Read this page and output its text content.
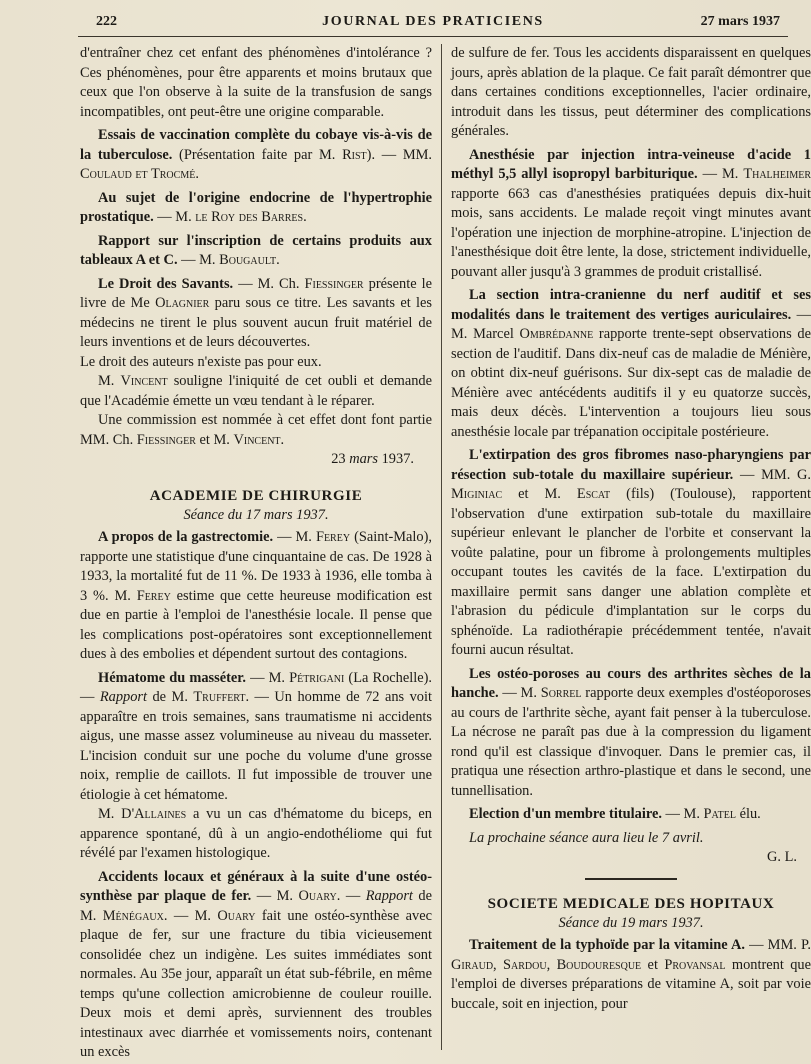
222	JOURNAL DES PRATICIENS	27 mars 1937

d'entraîner chez cet enfant des phénomènes d'intolérance ? Ces phénomènes, pour être apparents et moins brutaux que ceux que l'on observe à la suite de la transfusion de sangs incompatibles, ont peut-être une origine comparable.

Essais de vaccination complète du cobaye vis-à-vis de la tuberculose. (Présentation faite par M. Rist). — MM. Coulaud et Trocmé.

Au sujet de l'origine endocrine de l'hypertrophie prostatique. — M. le Roy des Barres.

Rapport sur l'inscription de certains produits aux tableaux A et C. — M. Bougault.

Le Droit des Savants. — M. Ch. Fiessinger présente le livre de Me Olagnier paru sous ce titre. Les savants et les médecins ne tirent le plus souvent aucun fruit matériel de leurs inventions et de leurs découvertes.

Le droit des auteurs n'existe pas pour eux.

M. Vincent souligne l'iniquité de cet oubli et demande que l'Académie émette un vœu tendant à le réparer.

Une commission est nommée à cet effet dont font partie MM. Ch. Fiessinger et M. Vincent.

23 mars 1937.

ACADEMIE DE CHIRURGIE
Séance du 17 mars 1937.

A propos de la gastrectomie. — M. Ferey (Saint-Malo), rapporte une statistique d'une cinquantaine de cas. De 1928 à 1933, la mortalité fut de 11 %. De 1933 à 1936, elle tomba à 3 %. M. Ferey estime que cette heureuse modification est due en partie à l'emploi de l'anesthésie locale. Il pense que les complications post-opératoires sont exceptionnellement dues à des embolies et dépendent surtout des contagions.

Hématome du masséter. — M. Pétrigani (La Rochelle). — Rapport de M. Truffert. — Un homme de 72 ans voit apparaître en trois semaines, sans traumatisme ni accidents aigus, une masse assez volumineuse au niveau du masseter. L'incision conduit sur une poche du volume d'une grosse noix, remplie de caillots. Il fut impossible de trouver une étiologie à cet hématome.

M. D'Allaines a vu un cas d'hématome du biceps, en apparence spontané, dû à un angio-endothéliome qui fut révélé par l'examen histologique.

Accidents locaux et généraux à la suite d'une ostéo-synthèse par plaque de fer. — M. Ouary. — Rapport de M. Ménégaux. — M. Ouary fait une ostéo-synthèse avec plaque de fer, sur une fracture du tibia vicieusement consolidée chez un indigène. Les suites immédiates sont normales. Au 35e jour, apparaît un état sub-fébrile, en même temps qu'une collection amicrobienne de couleur rouille. Deux mois et demi après, surviennent des troubles intestinaux avec diarrhée et vomissements noirs, contenant un excès

de sulfure de fer. Tous les accidents disparaissent en quelques jours, après ablation de la plaque. Ce fait paraît démontrer que dans certaines conditions exceptionnelles, l'acier ordinaire, introduit dans les tissus, peut déterminer des complications générales.

Anesthésie par injection intra-veineuse d'acide 1 méthyl 5,5 allyl isopropyl barbiturique. — M. Thalheimer rapporte 663 cas d'anesthésies pratiquées depuis dix-huit mois, sans accidents. Le malade reçoit vingt minutes avant l'opération une injection de morphine-atropine. L'injection de l'anesthésique doit être lente, la dose, strictement individuelle, pouvant aller jusqu'à 3 grammes de produit cristallisé.

La section intra-cranienne du nerf auditif et ses modalités dans le traitement des vertiges auriculaires. — M. Marcel Ombrédanne rapporte trente-sept observations de section de l'auditif. Dans dix-neuf cas de maladie de Ménière, on obtint dix-neuf guérisons. Sur dix-sept cas de maladie de Ménière avec antécédents auditifs il y eu quatorze succès, mais deux décès. L'intervention a toujours lieu sous anesthésie locale par trépanation occipitale postérieure.

L'extirpation des gros fibromes naso-pharyngiens par résection sub-totale du maxillaire supérieur. — MM. G. Miginiac et M. Escat (fils) (Toulouse), rapportent l'observation d'une extirpation sub-totale du maxillaire supérieur enlevant le plancher de l'orbite et conservant la voûte palatine, pour un fibrome à prolongements multiples occupant toutes les cavités de la face. L'extirpation du maxillaire permit sans danger une ablation complète et l'abrasion du pédicule d'implantation sur le corps du sphénoïde. La radiothérapie précédemment tentée, n'avait fourni aucun résultat.

Les ostéo-poroses au cours des arthrites sèches de la hanche. — M. Sorrel rapporte deux exemples d'ostéoporoses au cours de l'arthrite sèche, ayant fait penser à la tuberculose. La nécrose ne paraît pas due à la compression du ligament rond qu'il est classique d'invoquer. Dans le premier cas, il pratiqua une résection arthro-plastique et dans le second, une tunnellisation.

Election d'un membre titulaire. — M. Patel élu.

La prochaine séance aura lieu le 7 avril.

G. L.

SOCIETE MEDICALE DES HOPITAUX
Séance du 19 mars 1937.

Traitement de la typhoïde par la vitamine A. — MM. P. Giraud, Sardou, Boudouresque et Provansal montrent que l'emploi de diverses préparations de vitamine A, soit par voie buccale, soit en injection, pour
